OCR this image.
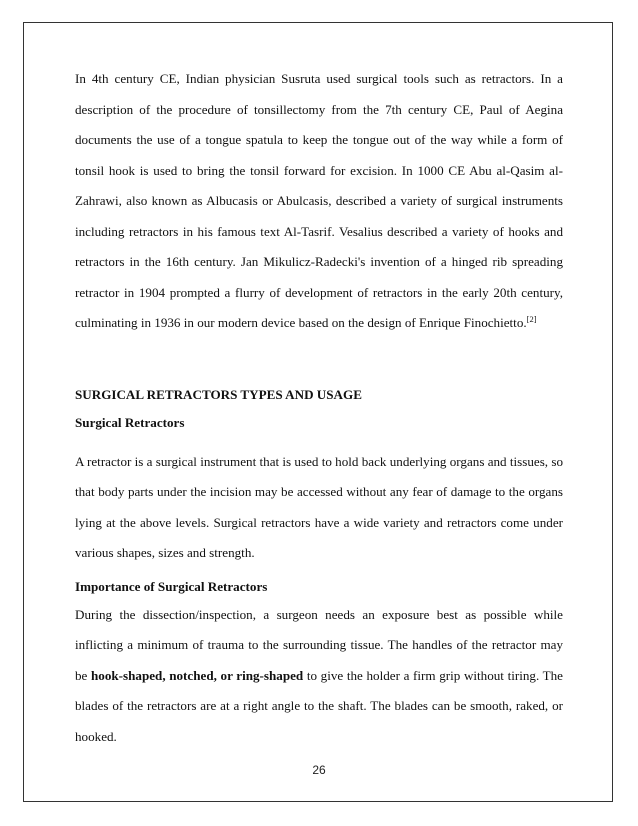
In 4th century CE, Indian physician Susruta used surgical tools such as retractors. In a description of the procedure of tonsillectomy from the 7th century CE, Paul of Aegina documents the use of a tongue spatula to keep the tongue out of the way while a form of tonsil hook is used to bring the tonsil forward for excision. In 1000 CE Abu al-Qasim al-Zahrawi, also known as Albucasis or Abulcasis, described a variety of surgical instruments including retractors in his famous text Al-Tasrif. Vesalius described a variety of hooks and retractors in the 16th century. Jan Mikulicz-Radecki's invention of a hinged rib spreading retractor in 1904 prompted a flurry of development of retractors in the early 20th century, culminating in 1936 in our modern device based on the design of Enrique Finochietto.[2]

SURGICAL RETRACTORS TYPES AND USAGE
Surgical Retractors

A retractor is a surgical instrument that is used to hold back underlying organs and tissues, so that body parts under the incision may be accessed without any fear of damage to the organs lying at the above levels. Surgical retractors have a wide variety and retractors come under various shapes, sizes and strength.

Importance of Surgical Retractors

During the dissection/inspection, a surgeon needs an exposure best as possible while inflicting a minimum of trauma to the surrounding tissue. The handles of the retractor may be hook-shaped, notched, or ring-shaped to give the holder a firm grip without tiring. The blades of the retractors are at a right angle to the shaft. The blades can be smooth, raked, or hooked.

26
